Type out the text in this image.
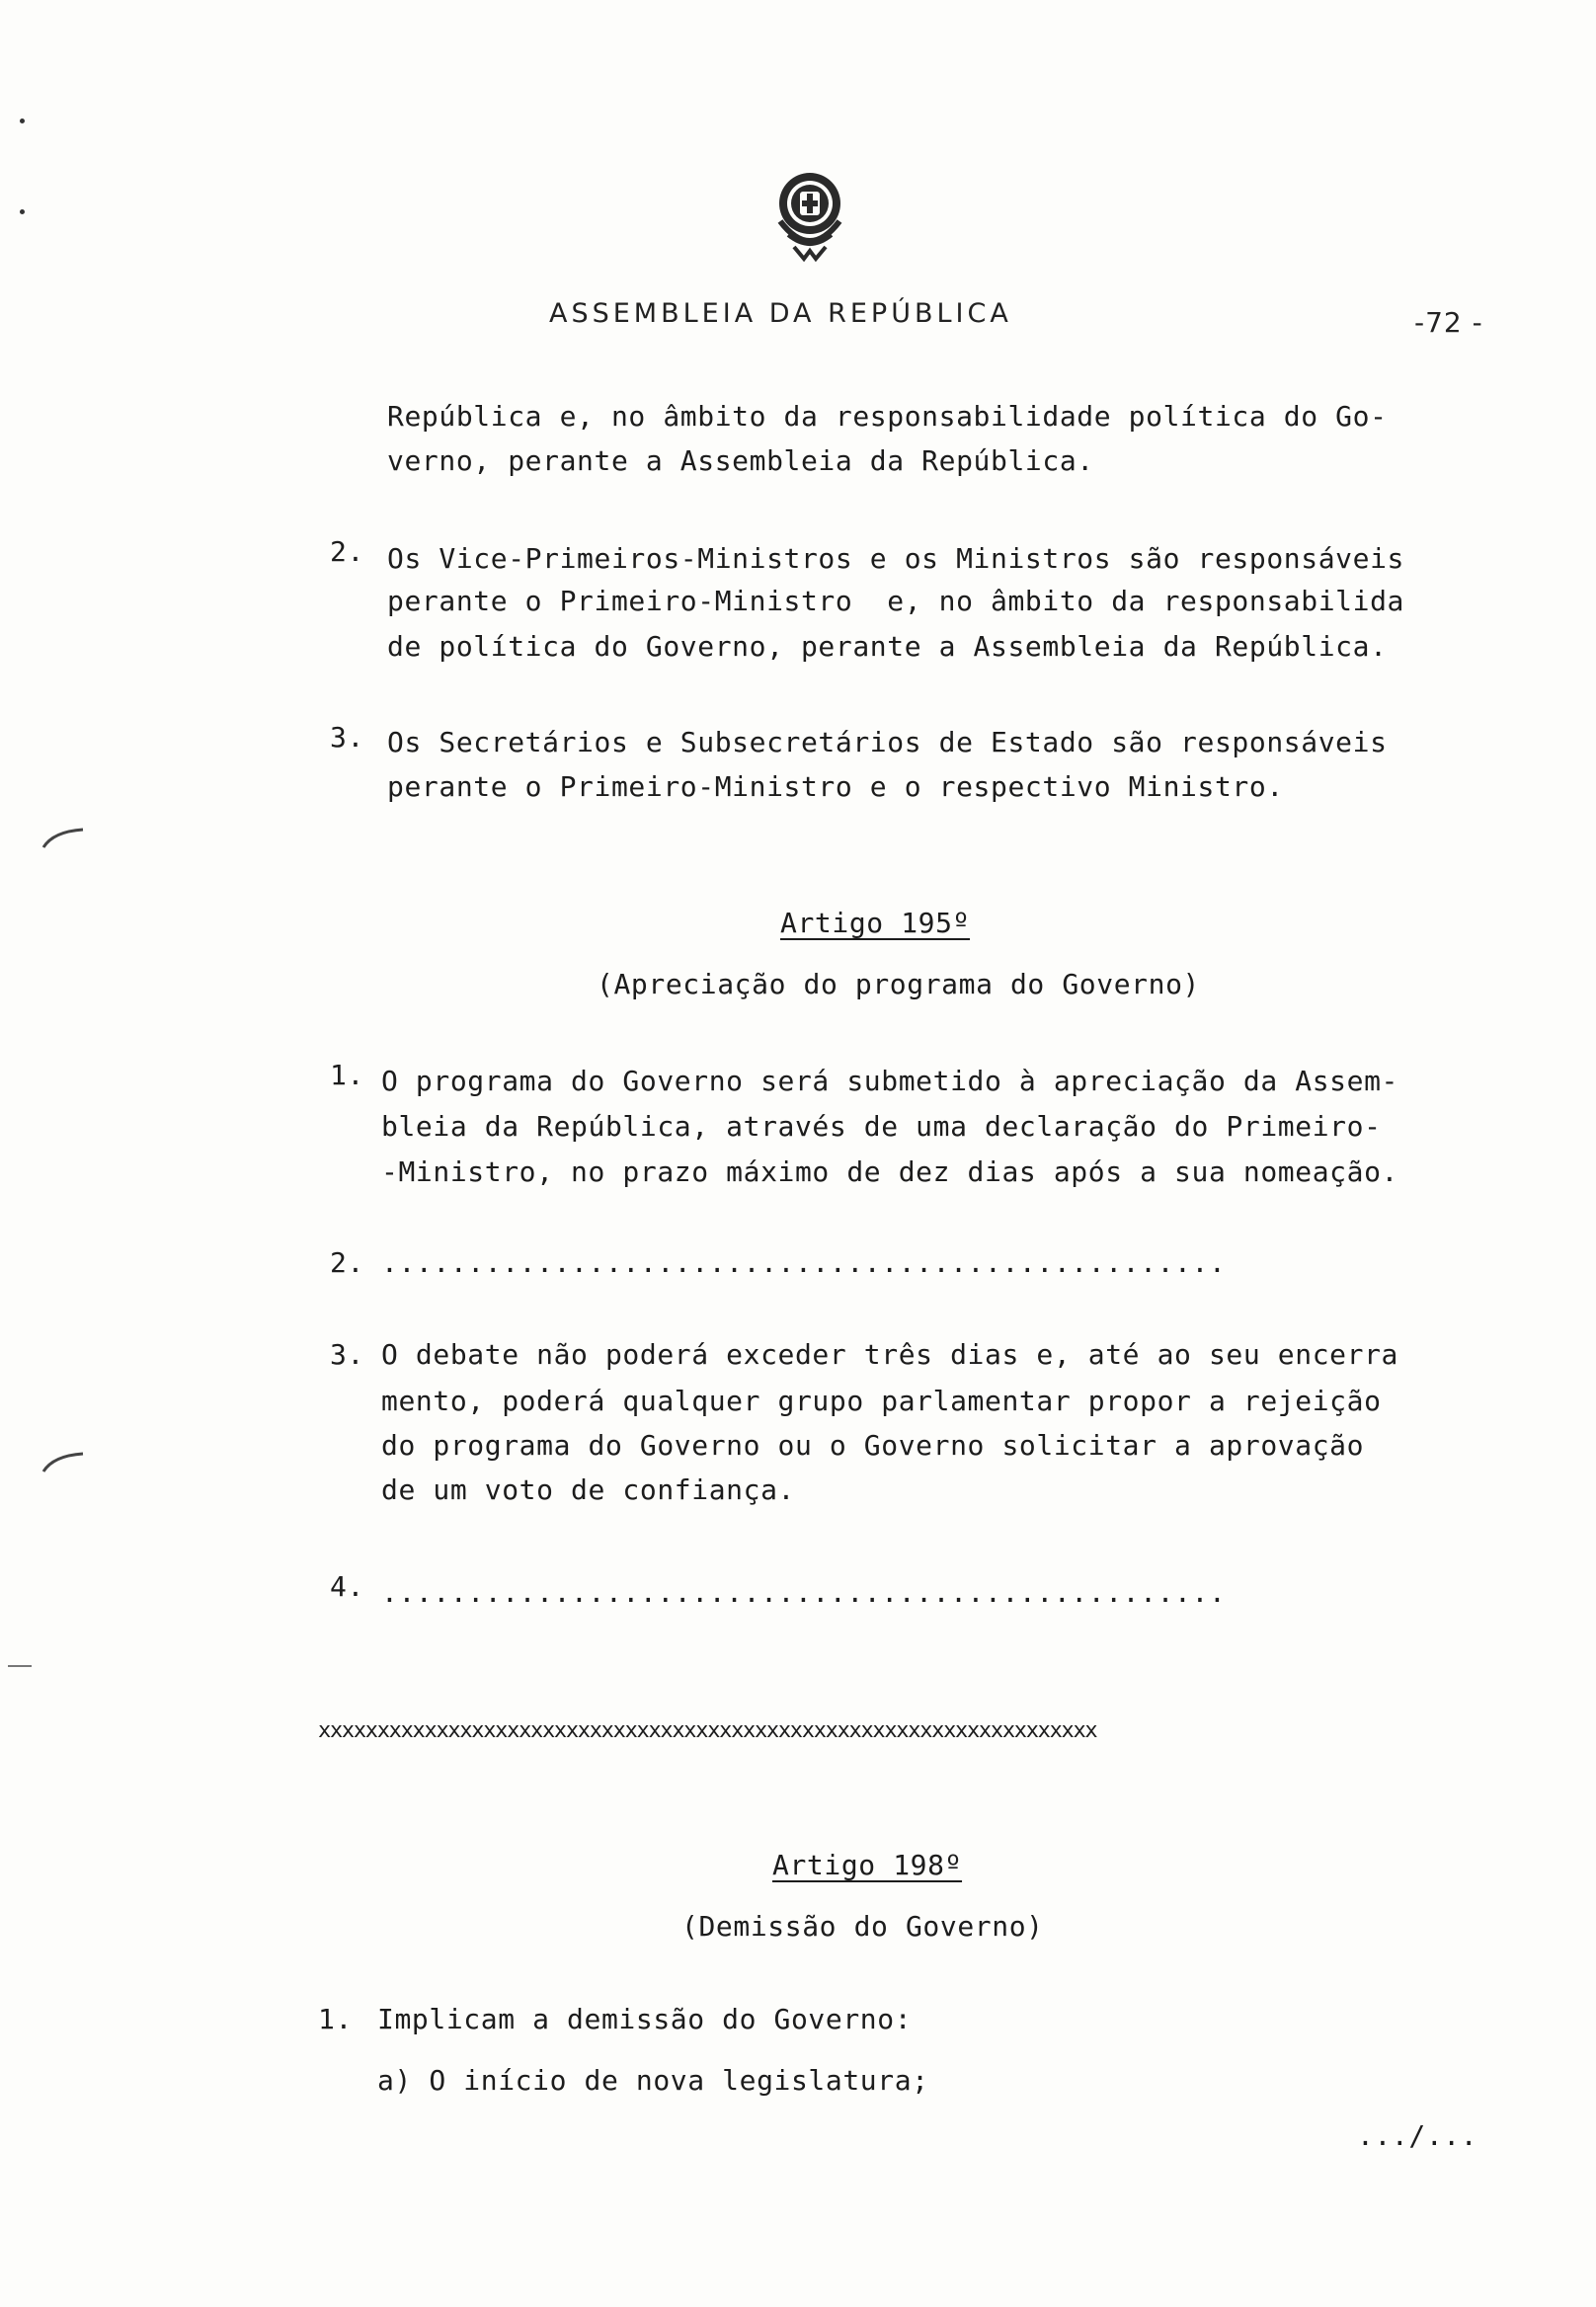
ASSEMBLEIA DA REPÚBLICA	-72 -
República e, no âmbito da responsabilidade política do Go-
verno, perante a Assembleia da República.
2. Os Vice-Primeiros-Ministros e os Ministros são responsáveis
perante o Primeiro-Ministro  e, no âmbito da responsabilida
de política do Governo, perante a Assembleia da República.
3. Os Secretários e Subsecretários de Estado são responsáveis
perante o Primeiro-Ministro e o respectivo Ministro.
Artigo 195º
(Apreciação do programa do Governo)
1. O programa do Governo será submetido à apreciação da Assem-
bleia da República, através de uma declaração do Primeiro-
-Ministro, no prazo máximo de dez dias após a sua nomeação.
2. .................................................
3. O debate não poderá exceder três dias e, até ao seu encerra
mento, poderá qualquer grupo parlamentar propor a rejeição
do programa do Governo ou o Governo solicitar a aprovação
de um voto de confiança.
4. .................................................
xxxxxxxxxxxxxxxxxxxxxxxxxxxxxxxxxxxxxxxxxxxxxxxxxxxxxxxxxxxxxxxxxx
Artigo 198º
(Demissão do Governo)
1. Implicam a demissão do Governo:
a) O início de nova legislatura;
.../...
